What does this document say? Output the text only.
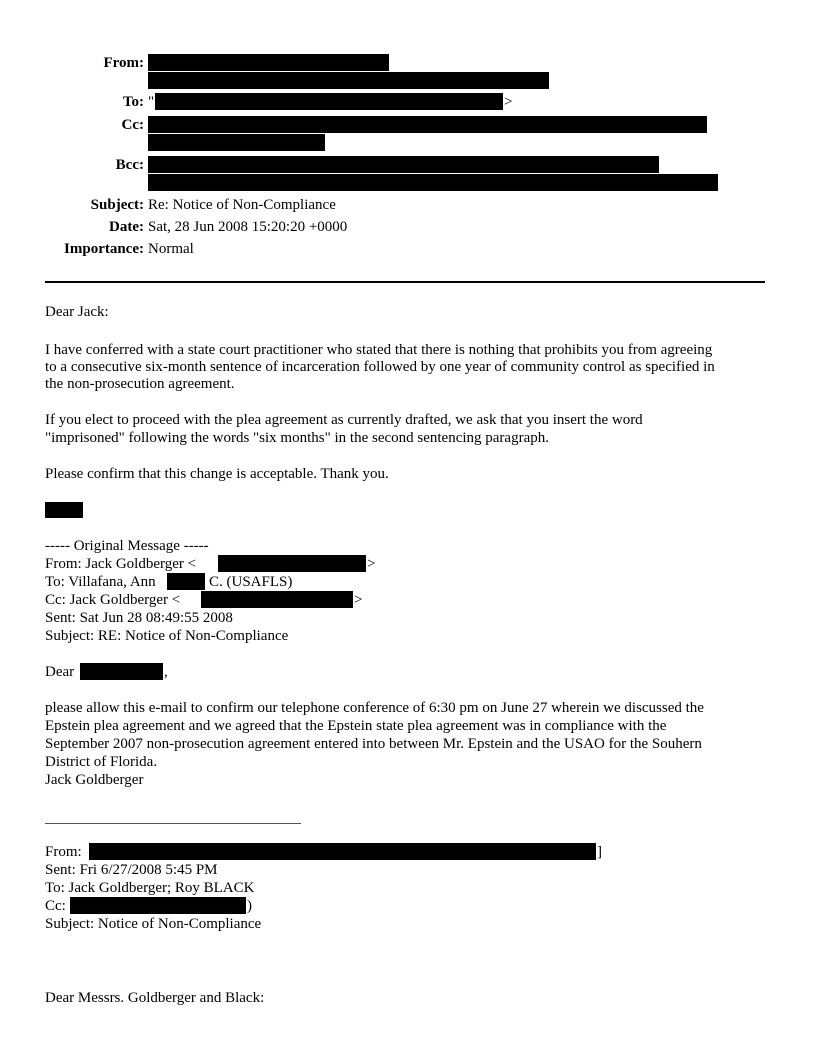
From:
To: "	>
Cc:
Bcc:
Subject: Re: Notice of Non-Compliance
Date: Sat, 28 Jun 2008 15:20:20 +0000
Importance: Normal
Dear Jack:
I have conferred with a state court practitioner who stated that there is nothing that prohibits you from agreeing
to a consecutive six-month sentence of incarceration followed by one year of community control as specified in
the non-prosecution agreement.
If you elect to proceed with the plea agreement as currently drafted, we ask that you insert the word
"imprisoned" following the words "six months" in the second sentencing paragraph.
Please confirm that this change is acceptable. Thank you.
----- Original Message -----
From: Jack Goldberger <	>
To: Villafana, Ann	C. (USAFLS)
Cc: Jack Goldberger <	>
Sent: Sat Jun 28 08:49:55 2008
Subject: RE: Notice of Non-Compliance
Dear	,
please allow this e-mail to confirm our telephone conference of 6:30 pm on June 27 wherein we discussed the
Epstein plea agreement and we agreed that the Epstein state plea agreement was in compliance with the
September 2007 non-prosecution agreement entered into between Mr. Epstein and the USAO for the Souhern
District of Florida.
Jack Goldberger
From:	]
Sent: Fri 6/27/2008 5:45 PM
To: Jack Goldberger; Roy BLACK
Cc:	)
Subject: Notice of Non-Compliance
Dear Messrs. Goldberger and Black:
